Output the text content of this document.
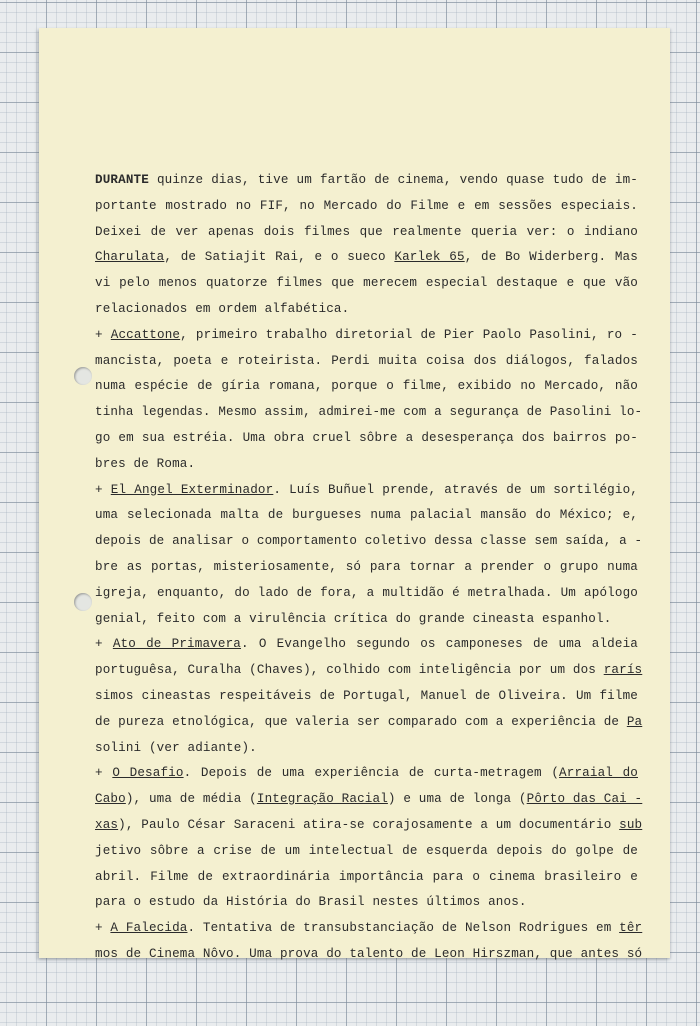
DURANTE quinze dias, tive um fartão de cinema, vendo quase tudo de im-
portante mostrado no FIF, no Mercado do Filme e em sessões especiais.
Deixei de ver apenas dois filmes que realmente queria ver: o indiano
Charulata, de Satiajit Rai, e o sueco Karlek 65, de Bo Widerberg. Mas
vi pelo menos quatorze filmes que merecem especial destaque e que vão
relacionados em ordem alfabética.
+ Accattone, primeiro trabalho diretorial de Pier Paolo Pasolini, ro -
mancista, poeta e roteirista. Perdi muita coisa dos diálogos, falados
numa espécie de gíria romana, porque o filme, exibido no Mercado, não
tinha legendas. Mesmo assim, admirei-me com a segurança de Pasolini lo-
go em sua estréia. Uma obra cruel sôbre a desesperança dos bairros po-
bres de Roma.
+ El Angel Exterminador. Luís Buñuel prende, através de um sortilégio,
uma selecionada malta de burgueses numa palacial mansão do México; e,
depois de analisar o comportamento coletivo dessa classe sem saída, a -
bre as portas, misteriosamente, só para tornar a prender o grupo numa
igreja, enquanto, do lado de fora, a multidão é metralhada. Um apólogo
genial, feito com a virulência crítica do grande cineasta espanhol.
+ Ato de Primavera. O Evangelho segundo os camponeses de uma aldeia
portuguêsa, Curalha (Chaves), colhido com inteligência por um dos rarís
simos cineastas respeitáveis de Portugal, Manuel de Oliveira. Um filme
de pureza etnológica, que valeria ser comparado com a experiência de Pa
solini (ver adiante).
+ O Desafio. Depois de uma experiência de curta-metragem (Arraial do
Cabo), uma de média (Integração Racial) e uma de longa (Pôrto das Cai -
xas), Paulo César Saraceni atira-se corajosamente a um documentário sub
jetivo sôbre a crise de um intelectual de esquerda depois do golpe de
abril. Filme de extraordinária importância para o cinema brasileiro e
para o estudo da História do Brasil nestes últimos anos.
+ A Falecida. Tentativa de transubstanciação de Nelson Rodrigues em têr
mos de Cinema Nôvo. Uma prova do talento de Leon Hirszman, que antes só
